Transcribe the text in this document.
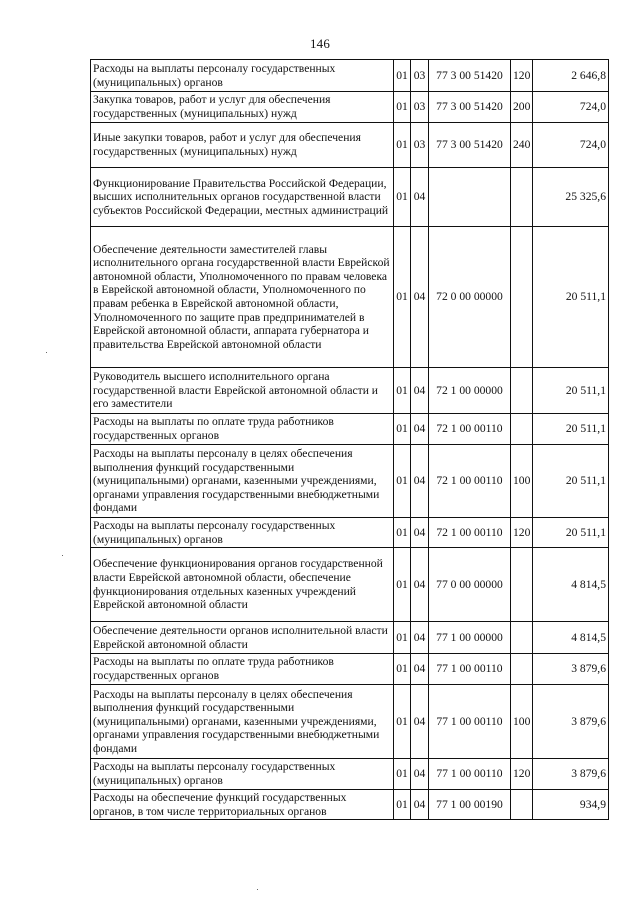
146
Расходы на выплаты персоналу государственных (муниципальных) органов	01	03	77 3 00 51420	120	2 646,8
Закупка товаров, работ и услуг для обеспечения государственных (муниципальных) нужд	01	03	77 3 00 51420	200	724,0
Иные закупки товаров, работ и услуг для обеспечения государственных (муниципальных) нужд	01	03	77 3 00 51420	240	724,0
Функционирование Правительства Российской Федерации, высших исполнительных органов государственной власти субъектов Российской Федерации, местных администраций	01	04			25 325,6
Обеспечение деятельности заместителей главы исполнительного органа государственной власти Еврейской автономной области, Уполномоченного по правам человека в Еврейской автономной области, Уполномоченного по правам ребенка в Еврейской автономной области, Уполномоченного по защите прав предпринимателей в Еврейской автономной области, аппарата губернатора и правительства Еврейской автономной области	01	04	72 0 00 00000		20 511,1
Руководитель высшего исполнительного органа государственной власти Еврейской автономной области и его заместители	01	04	72 1 00 00000		20 511,1
Расходы на выплаты по оплате труда работников государственных органов	01	04	72 1 00 00110		20 511,1
Расходы на выплаты персоналу в целях обеспечения выполнения функций государственными (муниципальными) органами, казенными учреждениями, органами управления государственными внебюджетными фондами	01	04	72 1 00 00110	100	20 511,1
Расходы на выплаты персоналу государственных (муниципальных) органов	01	04	72 1 00 00110	120	20 511,1
Обеспечение функционирования органов государственной власти Еврейской автономной области, обеспечение функционирования отдельных казенных учреждений Еврейской автономной области	01	04	77 0 00 00000		4 814,5
Обеспечение деятельности органов исполнительной власти Еврейской автономной области	01	04	77 1 00 00000		4 814,5
Расходы на выплаты по оплате труда работников государственных органов	01	04	77 1 00 00110		3 879,6
Расходы на выплаты персоналу в целях обеспечения выполнения функций государственными (муниципальными) органами, казенными учреждениями, органами управления государственными внебюджетными фондами	01	04	77 1 00 00110	100	3 879,6
Расходы на выплаты персоналу государственных (муниципальных) органов	01	04	77 1 00 00110	120	3 879,6
Расходы на обеспечение функций государственных органов, в том числе территориальных органов	01	04	77 1 00 00190		934,9
